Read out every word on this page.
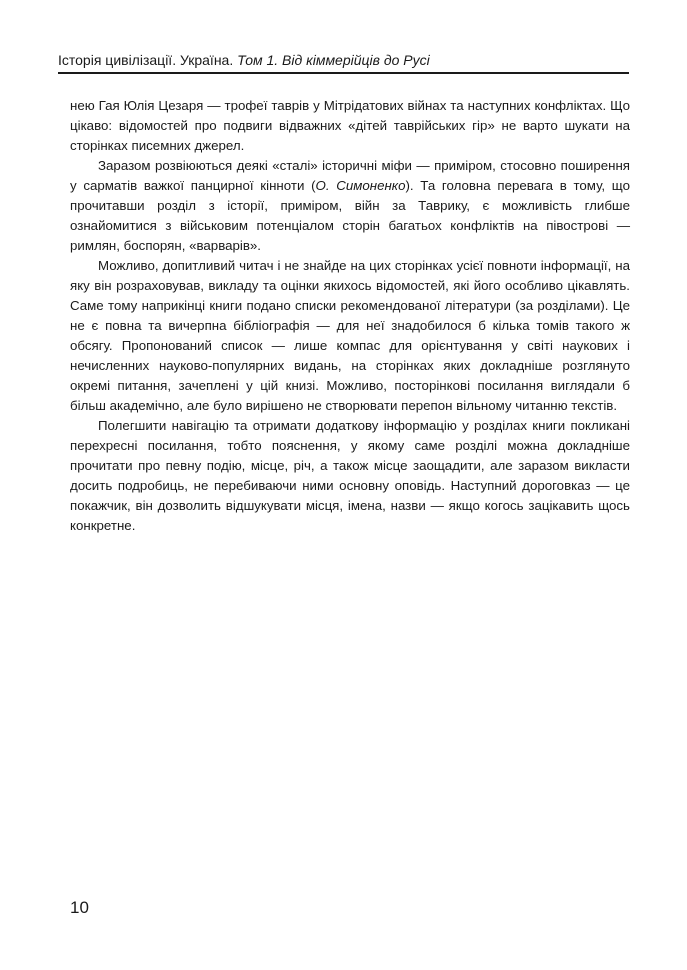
Історія цивілізації. Україна. Том 1. Від кіммерійців до Русі

нею Гая Юлія Цезаря — трофеї таврів у Мітрідатових війнах та наступних конфліктах. Що цікаво: відомостей про подвиги відважних «дітей таврійських гір» не варто шукати на сторінках писемних джерел.

Заразом розвіюються деякі «сталі» історичні міфи — приміром, стосовно поширення у сарматів важкої панцирної кінноти (О. Симоненко). Та головна перевага в тому, що прочитавши розділ з історії, приміром, війн за Таврику, є можливість глибше ознайомитися з військовим потенціалом сторін багатьох конфліктів на півострові — римлян, боспорян, «варварів».

Можливо, допитливий читач і не знайде на цих сторінках усієї повноти інформації, на яку він розраховував, викладу та оцінки якихось відомостей, які його особливо цікавлять. Саме тому наприкінці книги подано списки рекомендованої літератури (за розділами). Це не є повна та вичерпна бібліографія — для неї знадобилося б кілька томів такого ж обсягу. Пропонований список — лише компас для орієнтування у світі наукових і нечисленних науково-популярних видань, на сторінках яких докладніше розглянуто окремі питання, зачеплені у цій книзі. Можливо, посторінкові посилання виглядали б більш академічно, але було вирішено не створювати перепон вільному читанню текстів.

Полегшити навігацію та отримати додаткову інформацію у розділах книги покликані перехресні посилання, тобто пояснення, у якому саме розділі можна докладніше прочитати про певну подію, місце, річ, а також місце заощадити, але заразом викласти досить подробиць, не перебиваючи ними основну оповідь. Наступний дороговказ — це покажчик, він дозволить відшукувати місця, імена, назви — якщо когось зацікавить щось конкретне.

10
